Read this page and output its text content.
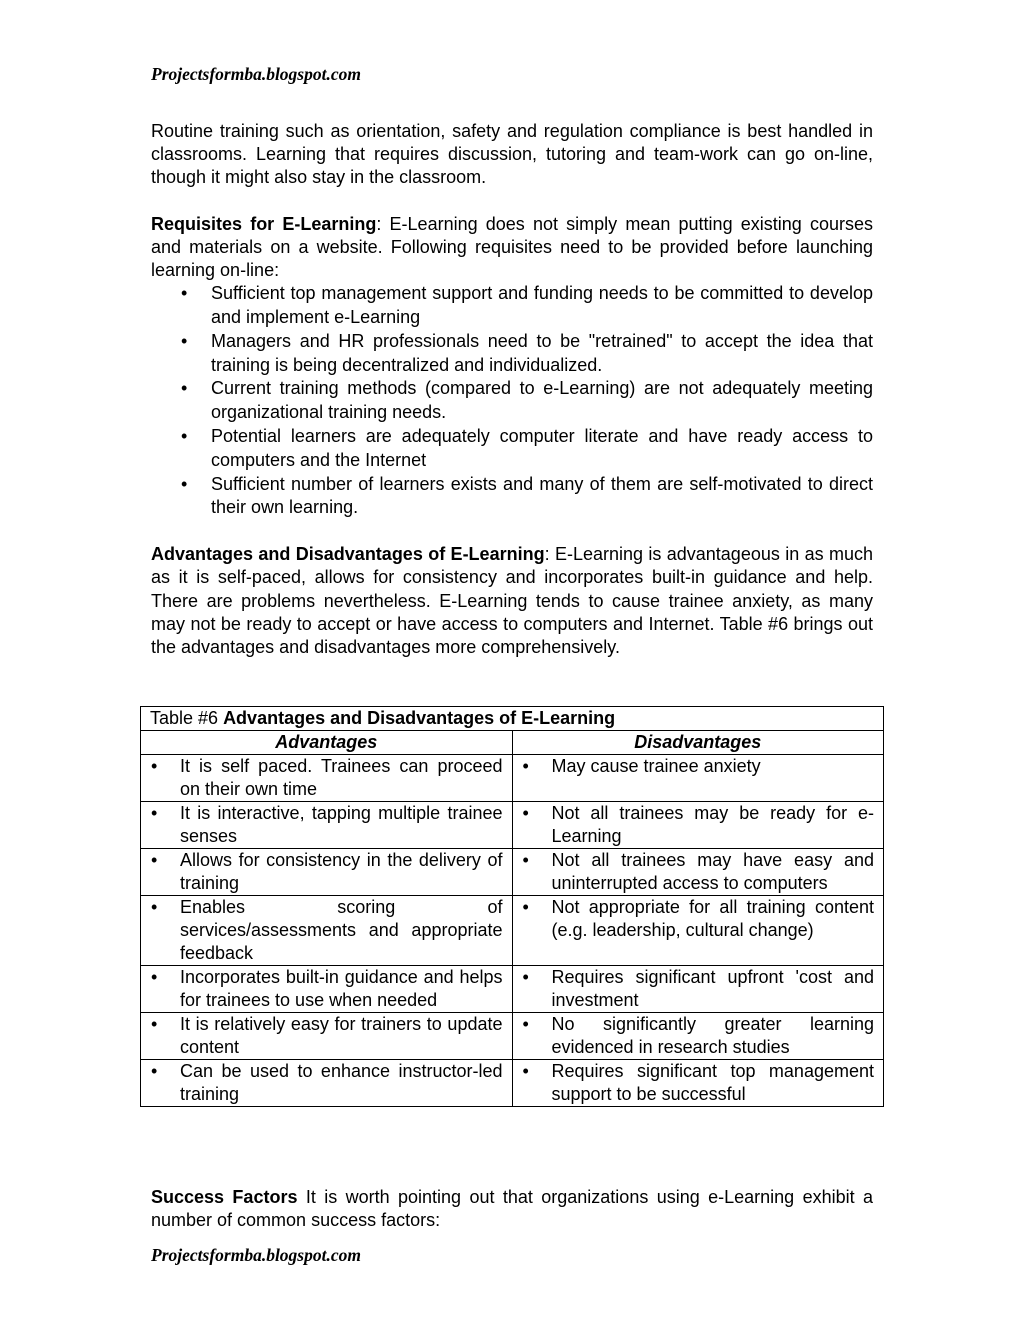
Projectsformba.blogspot.com

Routine training such as orientation, safety and regulation compliance is best handled in classrooms. Learning that requires discussion, tutoring and team-work can go on-line, though it might also stay in the classroom.

Requisites for E-Learning: E-Learning does not simply mean putting existing courses and materials on a website. Following requisites need to be provided before launching learning on-line:

• Sufficient top management support and funding needs to be committed to develop and implement e-Learning
• Managers and HR professionals need to be "retrained" to accept the idea that training is being decentralized and individualized.
• Current training methods (compared to e-Learning) are not adequately meeting organizational training needs.
• Potential learners are adequately computer literate and have ready access to computers and the Internet
• Sufficient number of learners exists and many of them are self-motivated to direct their own learning.

Advantages and Disadvantages of E-Learning: E-Learning is advantageous in as much as it is self-paced, allows for consistency and incorporates built-in guidance and help. There are problems nevertheless. E-Learning tends to cause trainee anxiety, as many may not be ready to accept or have access to computers and Internet. Table #6 brings out the advantages and disadvantages more comprehensively.

Table #6 Advantages and Disadvantages of E-Learning	
Advantages	Disadvantages

• It is self paced. Trainees can proceed on their own time	• May cause trainee anxiety

• It is interactive, tapping multiple trainee senses	• Not all trainees may be ready for e-Learning

• Allows for consistency in the delivery of training	• Not all trainees may have easy and uninterrupted access to computers

• Enables scoring of services/assessments and appropriate feedback	• Not appropriate for all training content (e.g. leadership, cultural change)

• Incorporates built-in guidance and helps for trainees to use when needed	• Requires significant upfront 'cost and investment

• It is relatively easy for trainers to update content	• No significantly greater learning evidenced in research studies

• Can be used to enhance instructor-led training	• Requires significant top management support to be successful

Success Factors It is worth pointing out that organizations using e-Learning exhibit a number of common success factors:

Projectsformba.blogspot.com
